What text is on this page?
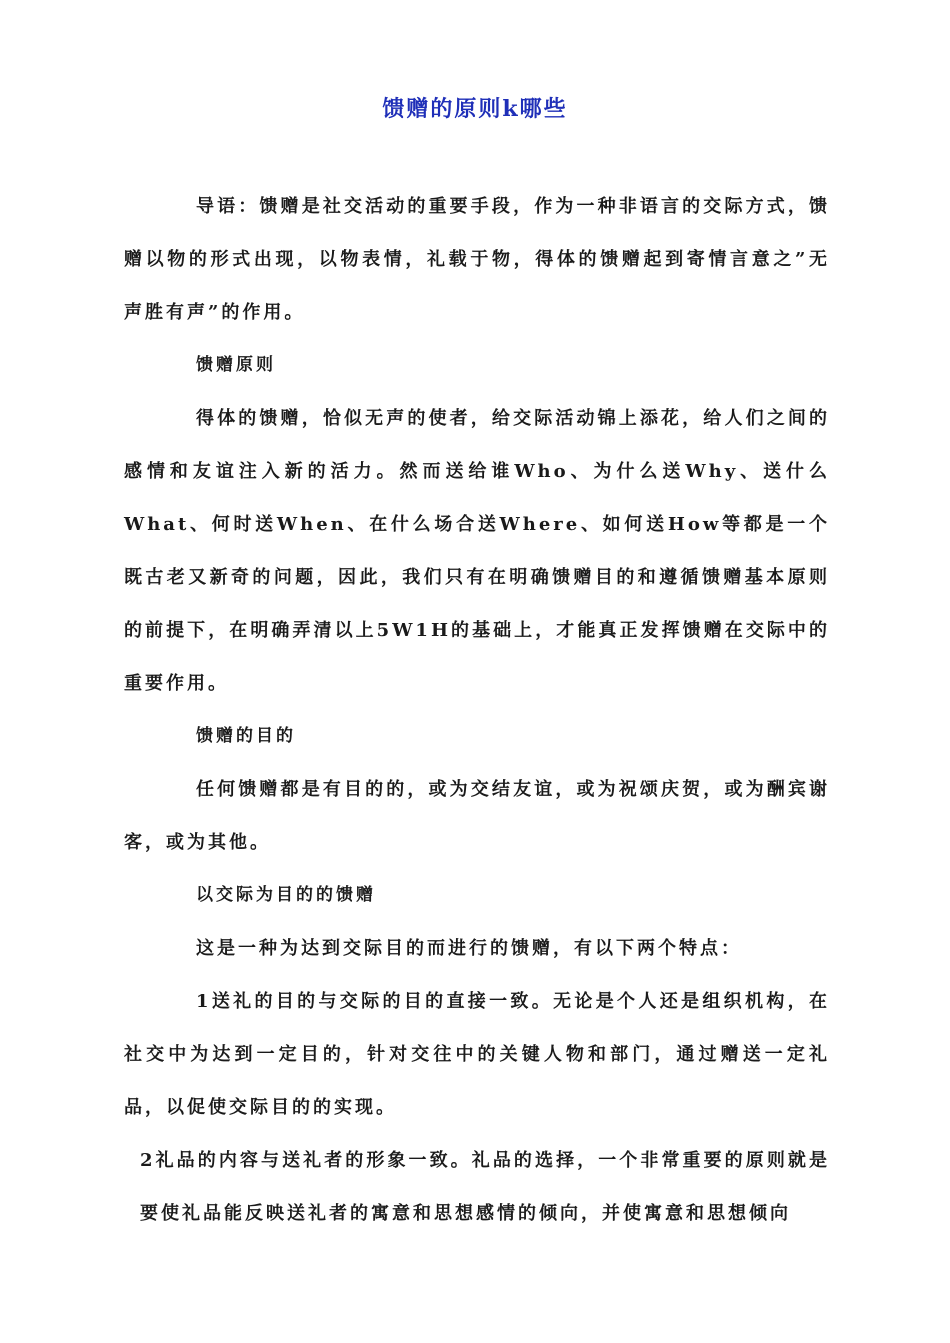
馈赠的原则k哪些

导语：馈赠是社交活动的重要手段，作为一种非语言的交际方式，馈赠以物的形式出现，以物表情，礼载于物，得体的馈赠起到寄情言意之”无声胜有声”的作用。

馈赠原则

得体的馈赠，恰似无声的使者，给交际活动锦上添花，给人们之间的感情和友谊注入新的活力。然而送给谁Who、为什么送Why、送什么What、何时送When、在什么场合送Where、如何送How等都是一个既古老又新奇的问题，因此，我们只有在明确馈赠目的和遵循馈赠基本原则的前提下，在明确弄清以上5W1H的基础上，才能真正发挥馈赠在交际中的重要作用。

馈赠的目的

任何馈赠都是有目的的，或为交结友谊，或为祝颂庆贺，或为酬宾谢客，或为其他。

以交际为目的的馈赠

这是一种为达到交际目的而进行的馈赠，有以下两个特点：

1送礼的目的与交际的目的直接一致。无论是个人还是组织机构，在社交中为达到一定目的，针对交往中的关键人物和部门，通过赠送一定礼品，以促使交际目的的实现。

2礼品的内容与送礼者的形象一致。礼品的选择，一个非常重要的原则就是要使礼品能反映送礼者的寓意和思想感情的倾向，并使寓意和思想倾向
